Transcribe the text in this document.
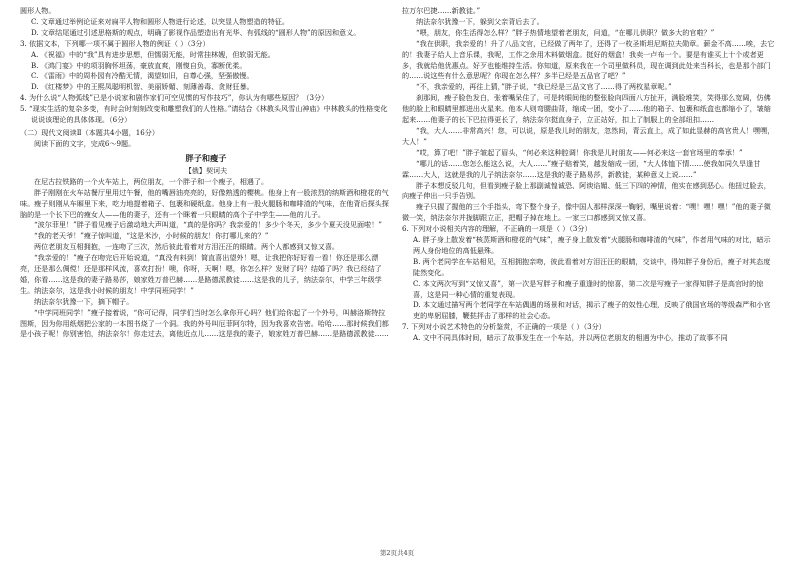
圆形人物。

C. 文章通过举例论证来对扁平人物和圆形人物进行论述，以突显人物塑造的特征。

D. 文章结尾通过引述思格斯的观点，明确了影视作品塑造出有光华、有弧线的“圆形人物”的原因和意义。

3. 依据文本，下列哪一项不属于圆形人物的例证（ ）（3分）

A. 《祝福》中的“我”具有进步思想，但懦弱无能，时常挂林嫂，但软弱无能。

B. 《鸿门宴》中的项羽胸怀坦荡，豪放直爽，刚愎自负，寡断优柔。

C. 《雷雨》中的周朴园有冷酷无情，渴望如旧，自尊心强，坚强傲慢。

D. 《红楼梦》中的王熙凤聪明机智、美丽娇媚、刻薄善毒、贪财狂暴。

4. 为什么说“人物弧线”已是小说家和剧作家们可空见惯的写作技巧”，你认为有哪些原因？（3分）

5. “现实生活的复杂多变，有时会时刻刻改变和雕塑我们的人性格。”请结合《林教头风雪山神庙》中林教头的性格变化说说该理论的具体体现。（6分）

（二）现代文阅读Ⅱ（本题共4小题，16分）

阅读下面的文字，完成6～9题。

胖子和瘦子

【俄】契诃夫

在尼古拉铁路的一个火车站上，两位朋友，一个胖子和一个瘦子，相遇了。

胖子刚刚在火车站餐厅里用过午餐，他的嘴唇油亮亮的，好像熟透的樱桃。他身上有一股浓烈的纳斯酒和橙花的气味。瘦子则刚从车厢里下来，吃力地提着箱子、包裹和硬纸盒。他身上有一股火腿肠和咖啡渣的气味，在他背后探头探脑的是一个长下巴的瘦女人——他的妻子，还有一个眯着一只眼睛的高个子中学生——他的儿子。

“波尔菲里！”胖子看见瘦子后激动地大声叫道，“真的是你吗？我亲爱的！多少个冬天，多少个夏天没见面啦！”

“我的老天爷！”瘦子惊叫道，“这是米沙，小时候的朋友！你打哪儿来的？”

两位老朋友互相拥抱，一连吻了三次，然后彼此看着对方泪汪汪的眼睛。两个人都感到又惊又喜。

“我亲爱的！”瘦子在吻完后开始说道，“真没有料到！简直喜出望外！嗯，让我把你好好看一看！你还是那么漂亮，还是那么倜傥！还是那样风流，喜欢打扮！噢，你呀，天啊！嗯，你怎么样？发财了吗？结婚了吗？我已经结了婚，你看……这是我的妻子路易莎，娘家姓万普巴赫……是路德派教徒……这是我的儿子，纳法奈尔，中学三年级学生。纳法奈尔，这是我小时候的朋友！中学同班同学！”

纳法奈尔犹豫一下，摘下帽子。

“中学同班同学！”瘦子接着说，“你可记得，同学们当时怎么拿你开心吗？他们给你起了一个外号，叫赫洛斯特拉图斯，因为你用纸烟把公家的一本图书烧了一个洞。我的外号叫厄菲阿尔特，因为我喜欢告密。哈哈……那时候我们都是小孩子呢！你别害怕，纳法奈尔！你走过去，离他近点儿……这是我的妻子，娘家姓万普巴赫……是路德派教徒……

拉万尔巴捷……新教徒。”

纳法奈尔犹豫一下，躲到父亲背后去了。

“喂，朋友，你生活得怎么样？”胖子热情地望着老朋友，问道，“在哪儿供职？做多大的官啦？”

“我在供职，我亲爱的！升了八品文官，已经做了两年了，还得了一枚圣斯坦尼斯拉夫勋章。薪金不高……唉，去它的！我妻子给人上音乐课，我呢，工作之余用木料做烟盒。挺好的烟盒！我卖一卢布一个。要是有谁买上十个或者更多，我就给他优惠点。好歹也能维持生活。你知道，原来我在一个司里做科员，现在调到此处来当科长，也是那个部门的……说这些有什么意思呢？你现在怎么样？多半已经是五品官了吧？”

“不，我亲爱的，再往上猜，”胖子说，“我已经是三品文官了……得了两枚星章呢。”

刹那间，瘦子脸色发白，张着嘴呆住了，可是转眼间他的整张脸向四面八方扯开，满脸堆笑，笑得那么宽阔，仿佛他的脸上和眼睛里都迸出火星来。他本人则弯腰曲背，缩成一团，变小了……他的箱子、包裹和纸盒也都缩小了，皱缩起来……他妻子的长下巴拉得更长了，纳法奈尔挺直身子，立正站好，扣上了制服上的全部纽扣……

“我，大人……非常高兴！您，可以说，原是我儿时的朋友，忽然间，青云直上，成了如此显赫的高官贵人！嘿嘿，大人！”

“哎，算了吧！”胖子皱起了眉头，“何必来这种腔调！你我是儿时朋友——何必来这一套官场里的奉承！”

“哪儿的话……您怎么能这么说，大人……”瘦子赔着笑，越发缩成一团，“大人体恤下情……使我如同久旱逢甘霖……大人，这就是我的儿子纳法奈尔……这是我的妻子路易莎，新教徒，某种意义上说……”

胖子本想反驳几句，但看到瘦子脸上那副诚惶诚恐、阿谀谄媚、低三下四的神情，他实在感到恶心。他扭过脸去，向瘦子伸出一只手告别。

瘦子只握了握他的三个手指头，弯下整个身子，像中国人那样深深一鞠躬，嘴里说着：“嘿！嘿！嘿！”他的妻子微微一笑，纳法奈尔并拢脚跟立正，把帽子掉在地上。一家三口都感到又惊又喜。

6. 下列对小说相关内容的理解，不正确的一项是（ ）（3分）

A. 胖子身上散发着“核蒸斯酒和橙花的气味”，瘦子身上散发着“火腿肠和咖啡渣的气味”，作者用气味的对比，暗示两人身份地位的高低悬殊。

B. 两个老同学在车站相见，互相拥抱亲吻，彼此看着对方泪汪汪的眼睛，交谈中，得知胖子身份后，瘦子对其态度陡然变化。

C. 本文两次写到“又惊又喜”，第一次是写胖子和瘦子重逢时的惊喜，第二次是写瘦子一家得知胖子是高官时的惊喜，这是同一种心情的重复表现。

D. 本文通过描写两个老同学在车站偶遇的场景和对话，揭示了瘦子的奴性心理，反映了俄国官场的等级森严和小官吏的卑躬屈膝，鞭挞抨击了那样的社会心态。

7. 下列对小说艺术特色的分析鉴赏，不正确的一项是（ ）（3分）

A. 文中不同具体时间，暗示了故事发生在一个车站，并以两位老朋友的相遇为中心，推动了故事不同

第2页共4页
